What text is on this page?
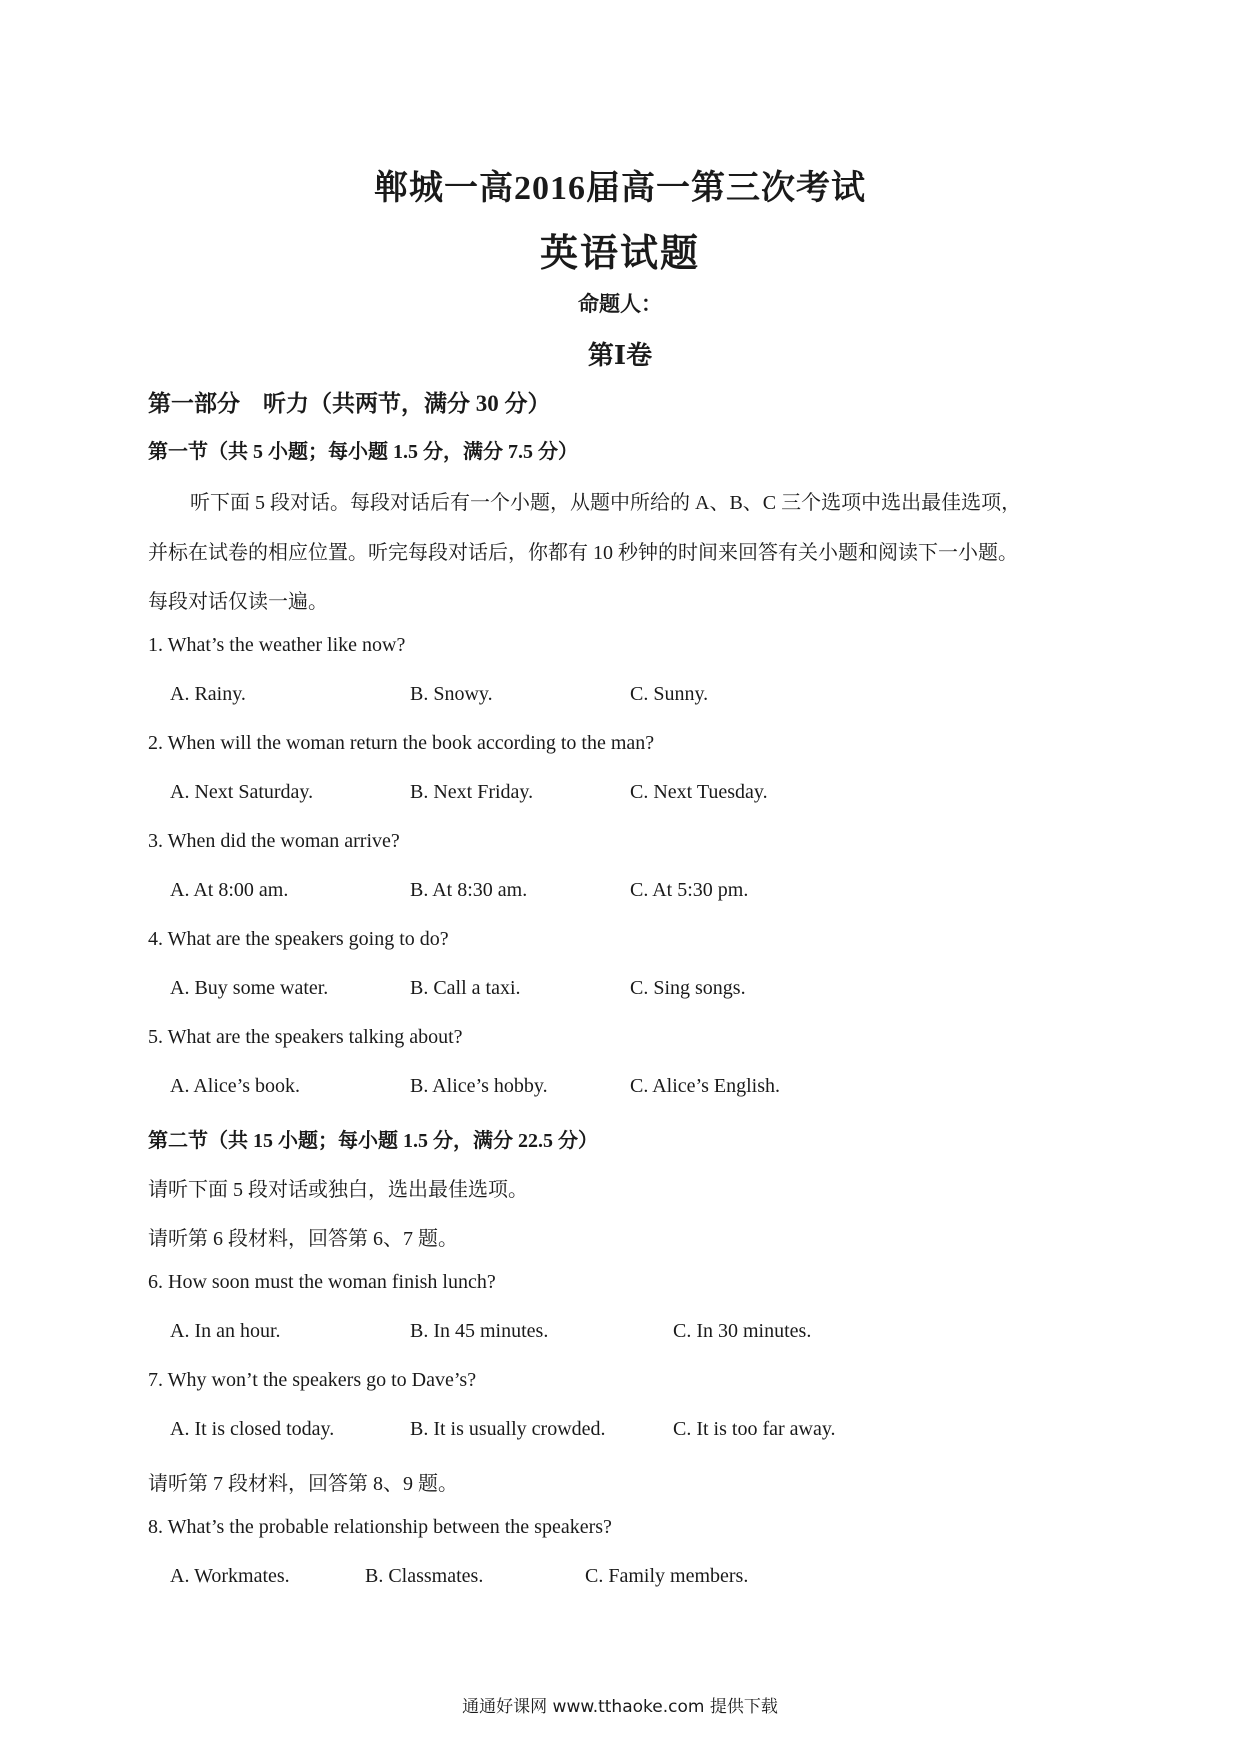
郸城一高2016届高一第三次考试
英语试题
命题人：
第Ⅰ卷
第一部分    听力（共两节，满分 30 分）
第一节（共 5 小题；每小题 1.5 分，满分 7.5 分）
听下面 5 段对话。每段对话后有一个小题，从题中所给的 A、B、C 三个选项中选出最佳选项，
并标在试卷的相应位置。听完每段对话后，你都有 10 秒钟的时间来回答有关小题和阅读下一小题。
每段对话仅读一遍。
1. What’s the weather like now?
A. Rainy.	B. Snowy.	C. Sunny.
2. When will the woman return the book according to the man?
A. Next Saturday.	B. Next Friday.	C. Next Tuesday.
3. When did the woman arrive?
A. At 8:00 am.	B. At 8:30 am.	C. At 5:30 pm.
4. What are the speakers going to do?
A. Buy some water.	B. Call a taxi.	C. Sing songs.
5. What are the speakers talking about?
A. Alice’s book.	B. Alice’s hobby.	C. Alice’s English.
第二节（共 15 小题；每小题 1.5 分，满分 22.5 分）
请听下面 5 段对话或独白，选出最佳选项。
请听第 6 段材料，回答第 6、7 题。
6. How soon must the woman finish lunch?
A. In an hour.	B. In 45 minutes.	C. In 30 minutes.
7. Why won’t the speakers go to Dave’s?
A. It is closed today.	B. It is usually crowded.	C. It is too far away.
请听第 7 段材料，回答第 8、9 题。
8. What’s the probable relationship between the speakers?
A. Workmates.	B. Classmates.	C. Family members.
通通好课网 www.tthaoke.com 提供下载
